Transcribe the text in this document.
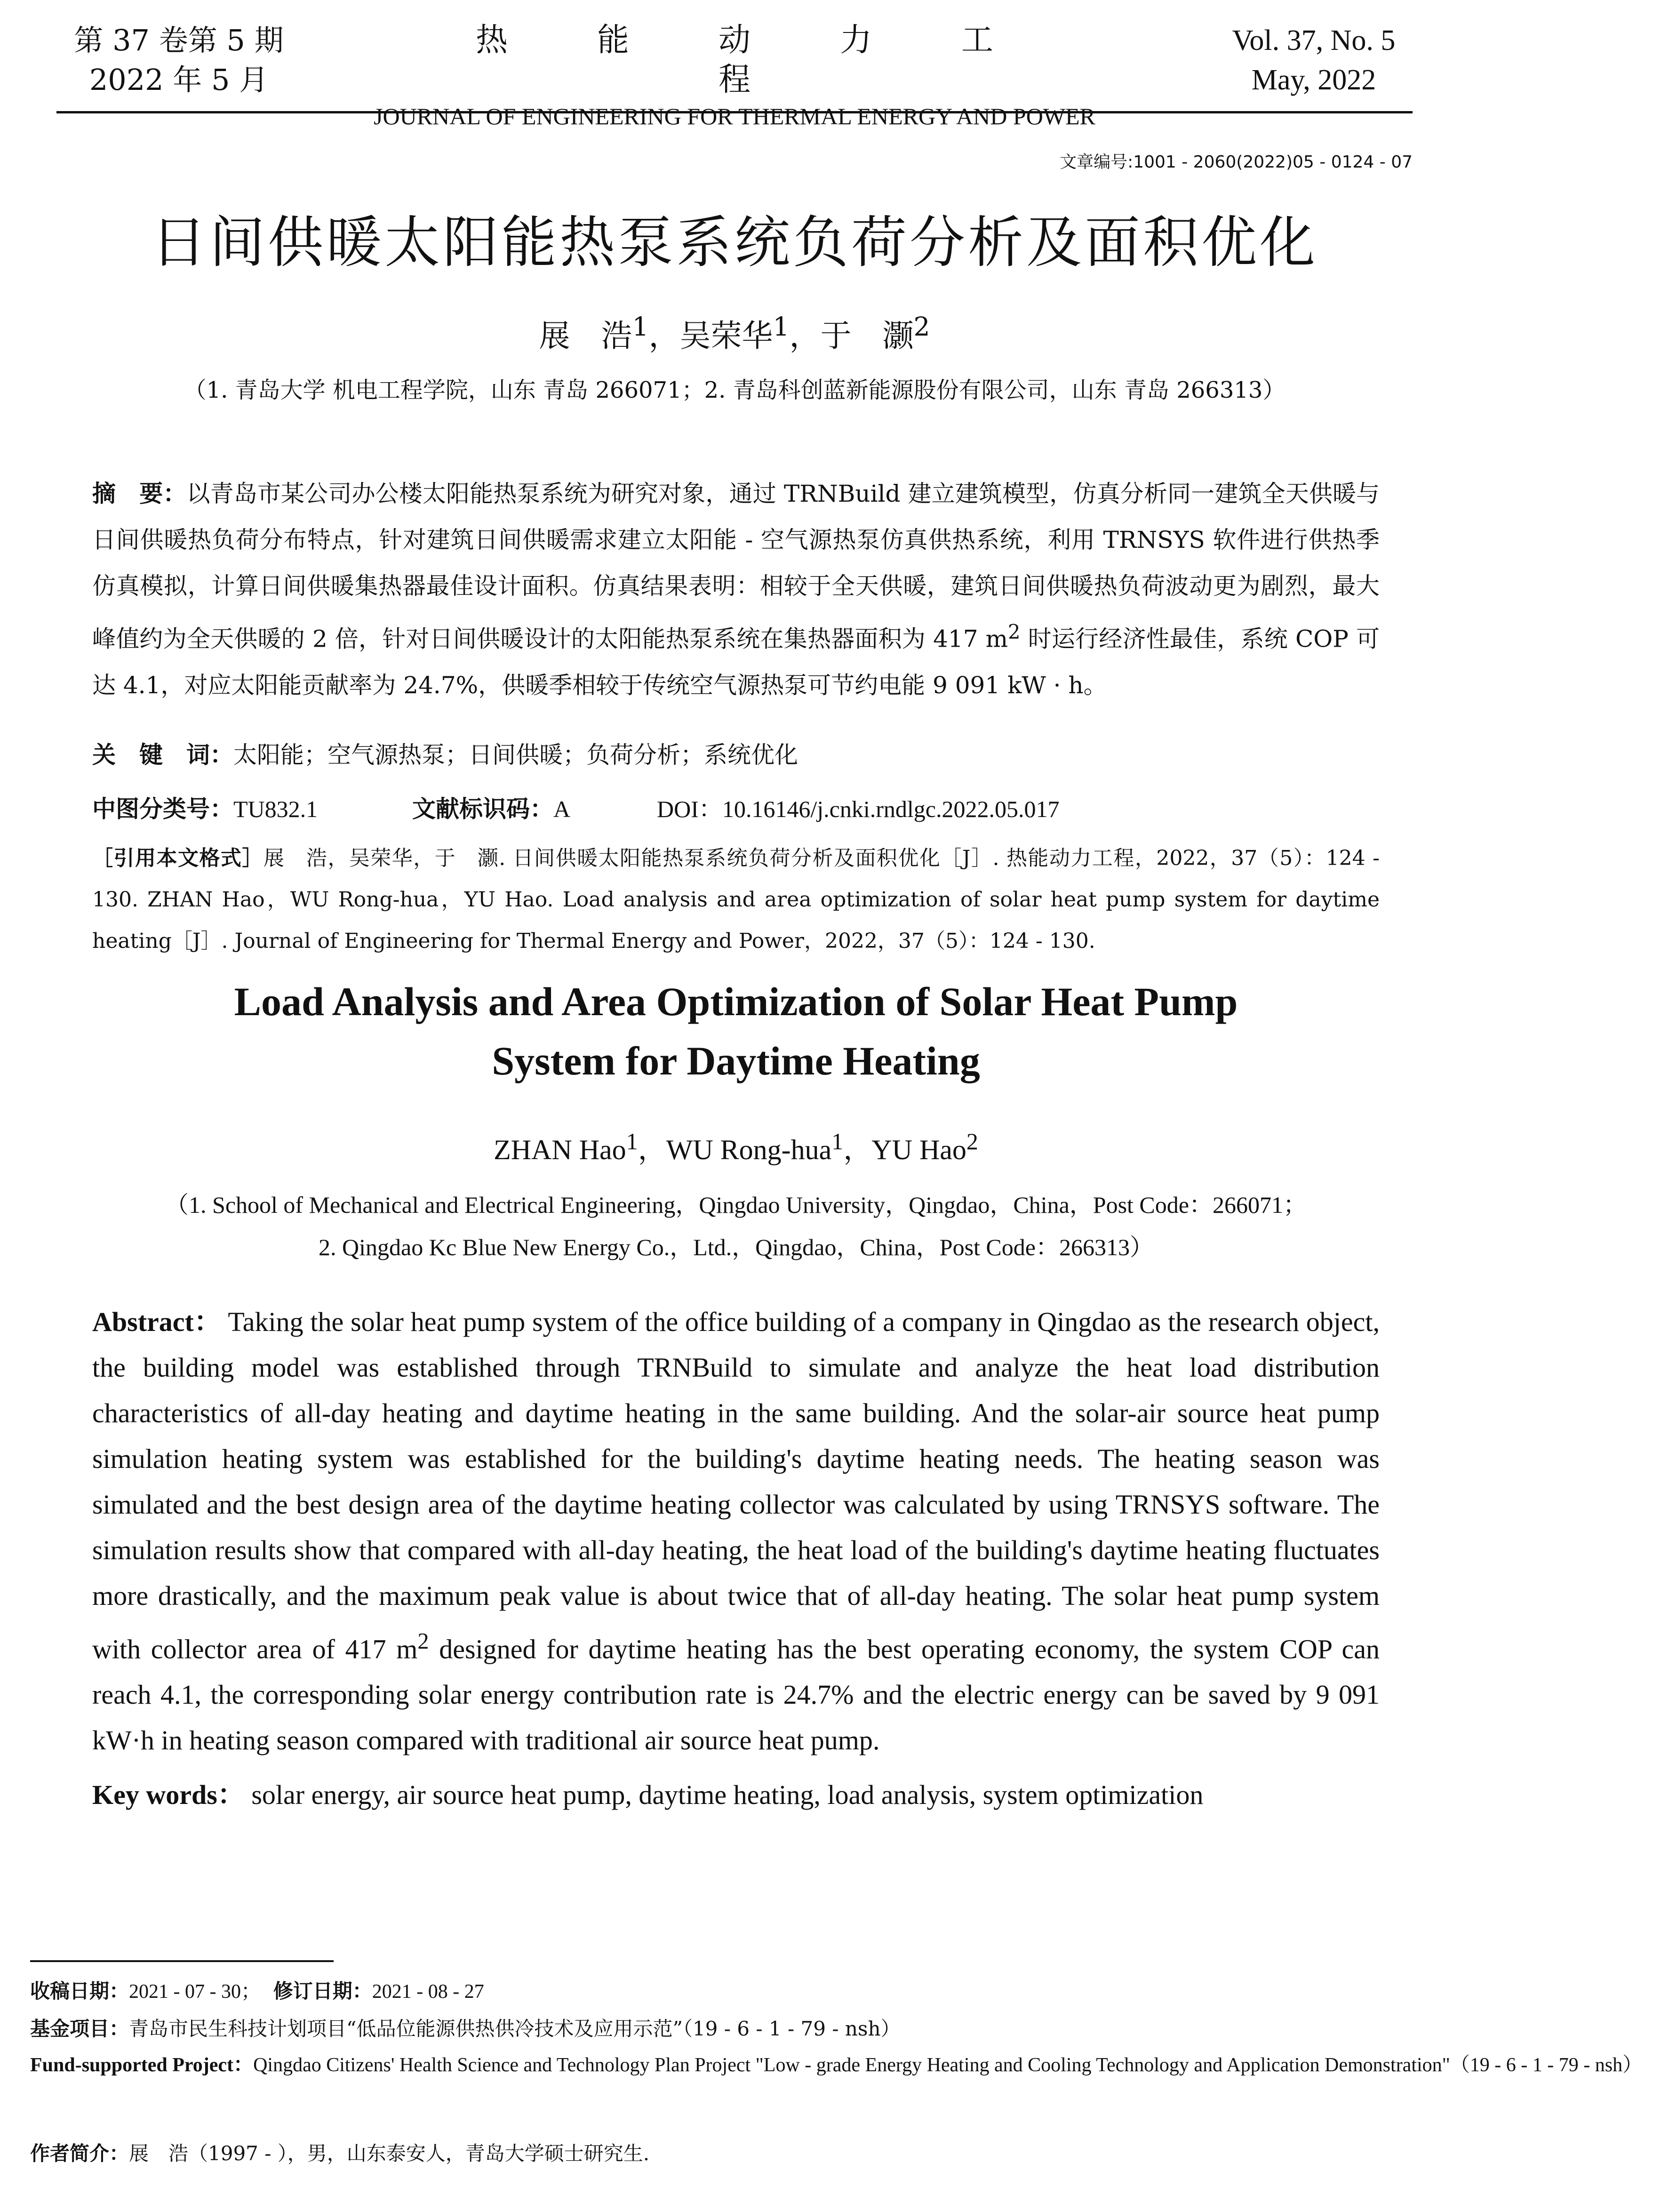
第 37 卷第 5 期
2022 年 5 月
热能动力工程
JOURNAL OF ENGINEERING FOR THERMAL ENERGY AND POWER
Vol. 37, No. 5
May, 2022
文章编号:1001 - 2060(2022)05 - 0124 - 07
日间供暖太阳能热泵系统负荷分析及面积优化
展　浩$^1$，吴荣华$^1$，于　灏$^2$
（1. 青岛大学 机电工程学院，山东 青岛 266071；2. 青岛科创蓝新能源股份有限公司，山东 青岛 266313）
摘　要：以青岛市某公司办公楼太阳能热泵系统为研究对象，通过 TRNBuild 建立建筑模型，仿真分析同一建筑全天供暖与日间供暖热负荷分布特点，针对建筑日间供暖需求建立太阳能 - 空气源热泵仿真供热系统，利用 TRNSYS 软件进行供热季仿真模拟，计算日间供暖集热器最佳设计面积。仿真结果表明：相较于全天供暖，建筑日间供暖热负荷波动更为剧烈，最大峰值约为全天供暖的 2 倍，针对日间供暖设计的太阳能热泵系统在集热器面积为 417 $m^2$ 时运行经济性最佳，系统 COP 可达 4.1，对应太阳能贡献率为 24.7%，供暖季相较于传统空气源热泵可节约电能 9 091 kW · h。
关　键　词：太阳能；空气源热泵；日间供暖；负荷分析；系统优化
中图分类号：TU832.1	文献标识码：A	DOI：10.16146/j.cnki.rndlgc.2022.05.017
［引用本文格式］展　浩，吴荣华，于　灏. 日间供暖太阳能热泵系统负荷分析及面积优化［J］. 热能动力工程，2022，37（5）：124 - 130. ZHAN Hao，WU Rong-hua，YU Hao. Load analysis and area optimization of solar heat pump system for daytime heating［J］. Journal of Engineering for Thermal Energy and Power，2022，37（5）：124 - 130.
Load Analysis and Area Optimization of Solar Heat Pump
System for Daytime Heating
ZHAN Hao$^1$，WU Rong-hua$^1$，YU Hao$^2$
（1. School of Mechanical and Electrical Engineering，Qingdao University，Qingdao，China，Post Code：266071；
2. Qingdao Kc Blue New Energy Co.，Ltd.，Qingdao，China，Post Code：266313）
Abstract： Taking the solar heat pump system of the office building of a company in Qingdao as the research object, the building model was established through TRNBuild to simulate and analyze the heat load distribution characteristics of all-day heating and daytime heating in the same building. And the solar-air source heat pump simulation heating system was established for the building's daytime heating needs. The heating season was simulated and the best design area of the daytime heating collector was calculated by using TRNSYS software. The simulation results show that compared with all-day heating, the heat load of the building's daytime heating fluctuates more drastically, and the maximum peak value is about twice that of all-day heating. The solar heat pump system with collector area of 417 $m^2$ designed for daytime heating has the best operating economy, the system COP can reach 4.1, the corresponding solar energy contribution rate is 24.7% and the electric energy can be saved by 9 091 kW·h in heating season compared with traditional air source heat pump.
Key words： solar energy, air source heat pump, daytime heating, load analysis, system optimization
收稿日期：2021 - 07 - 30； 修订日期：2021 - 08 - 27
基金项目：青岛市民生科技计划项目“低品位能源供热供冷技术及应用示范”（19 - 6 - 1 - 79 - nsh）
Fund-supported Project：Qingdao Citizens' Health Science and Technology Plan Project "Low - grade Energy Heating and Cooling Technology and Application Demonstration"（19 - 6 - 1 - 79 - nsh）
作者简介：展　浩（1997 - ），男，山东泰安人，青岛大学硕士研究生.
